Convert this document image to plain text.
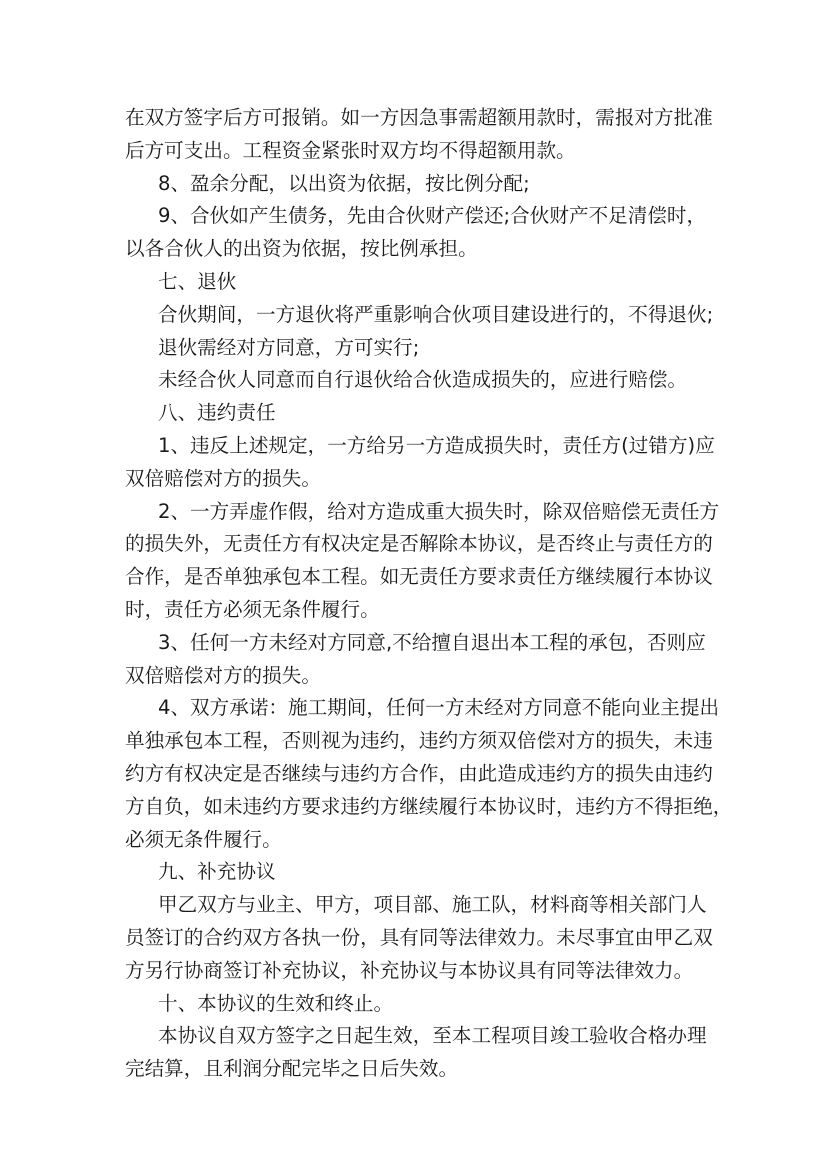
在双方签字后方可报销。如一方因急事需超额用款时，需报对方批准
后方可支出。工程资金紧张时双方均不得超额用款。
8、盈余分配，以出资为依据，按比例分配;
9、合伙如产生债务，先由合伙财产偿还;合伙财产不足清偿时，
以各合伙人的出资为依据，按比例承担。
七、退伙
合伙期间，一方退伙将严重影响合伙项目建设进行的，不得退伙;
退伙需经对方同意，方可实行;
未经合伙人同意而自行退伙给合伙造成损失的，应进行赔偿。
八、违约责任
1、违反上述规定，一方给另一方造成损失时，责任方(过错方)应
双倍赔偿对方的损失。
2、一方弄虚作假，给对方造成重大损失时，除双倍赔偿无责任方
的损失外，无责任方有权决定是否解除本协议，是否终止与责任方的
合作，是否单独承包本工程。如无责任方要求责任方继续履行本协议
时，责任方必须无条件履行。
3、任何一方未经对方同意,不给擅自退出本工程的承包，否则应
双倍赔偿对方的损失。
4、双方承诺：施工期间，任何一方未经对方同意不能向业主提出
单独承包本工程，否则视为违约，违约方须双倍偿对方的损失，未违
约方有权决定是否继续与违约方合作，由此造成违约方的损失由违约
方自负，如未违约方要求违约方继续履行本协议时，违约方不得拒绝，
必须无条件履行。
九、补充协议
甲乙双方与业主、甲方，项目部、施工队，材料商等相关部门人
员签订的合约双方各执一份，具有同等法律效力。未尽事宜由甲乙双
方另行协商签订补充协议，补充协议与本协议具有同等法律效力。
十、本协议的生效和终止。
本协议自双方签字之日起生效，至本工程项目竣工验收合格办理
完结算，且利润分配完毕之日后失效。
